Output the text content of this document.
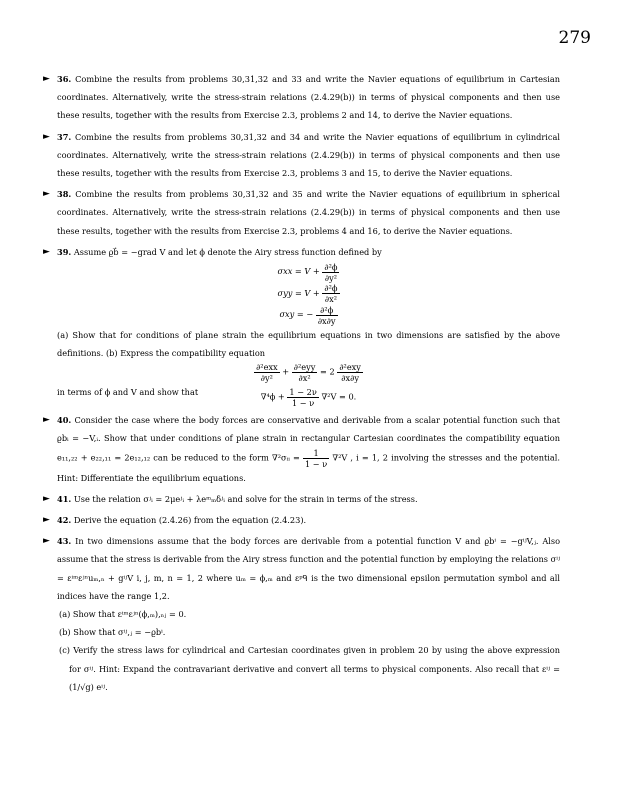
279
► 36. Combine the results from problems 30,31,32 and 33 and write the Navier equations of equilibrium in Cartesian coordinates. Alternatively, write the stress-strain relations (2.4.29(b)) in terms of physical components and then use these results, together with the results from Exercise 2.3, problems 2 and 14, to derive the Navier equations.

► 37. Combine the results from problems 30,31,32 and 34 and write the Navier equations of equilibrium in cylindrical coordinates. Alternatively, write the stress-strain relations (2.4.29(b)) in terms of physical components and then use these results, together with the results from Exercise 2.3, problems 3 and 15, to derive the Navier equations.

► 38. Combine the results from problems 30,31,32 and 35 and write the Navier equations of equilibrium in spherical coordinates. Alternatively, write the stress-strain relations (2.4.29(b)) in terms of physical components and then use these results, together with the results from Exercise 2.3, problems 4 and 16, to derive the Navier equations.

► 39. Assume ϱb⃗ = −grad V and let ϕ denote the Airy stress function defined by

$\sigma xx = V + \frac{\text{∂²ϕ}}{\text{∂y²}}$
$\sigma yy = V + \frac{\text{∂²ϕ}}{\text{∂x²}}$
σxy = − $\frac{\text{∂²ϕ}}{\partial x\partial y}$

(a) Show that for conditions of plane strain the equilibrium equations in two dimensions are satisfied by the above definitions. (b) Express the compatibility equation

$\frac{\text{∂²exx}}{\text{∂y²}} + \frac{\text{∂²eyy}}{\text{∂x²}} = 2 \frac{\text{∂²exy}}{\partial x\partial y}$

in terms of ϕ and V and show that	$\nabla^4\phi + \frac{1 - 2\nu}{1 - \nu} \nabla^2V = 0$.
► 40. Consider the case where the body forces are conservative and derivable from a scalar potential function such that ϱbᵢ = −V,ᵢ. Show that under conditions of plane strain in rectangular Cartesian coordinates the compatibility equation e₁₁,₂₂ + e₂₂,₁₁ = 2e₁₂,₁₂ can be reduced to the form ∇²σᵢᵢ = $\frac{1}{1 - \nu} \nabla^2V$ , i = 1, 2 involving the stresses and the potential. Hint: Differentiate the equilibrium equations.

► 41. Use the relation σʲᵢ = 2μeʲᵢ + λeᵐₘδʲᵢ and solve for the strain in terms of the stress.

► 42. Derive the equation (2.4.26) from the equation (2.4.23).

► 43. In two dimensions assume that the body forces are derivable from a potential function V and ϱbⁱ = −gⁱʲV,ⱼ. Also assume that the stress is derivable from the Airy stress function and the potential function by employing the relations σⁱʲ = εⁱᵐεʲⁿuₘ,ₙ + gⁱʲV i, j, m, n = 1, 2 where uₘ = ϕ,ₘ and εᵖᑫ is the two dimensional epsilon permutation symbol and all indices have the range 1,2.

(a) Show that εⁱᵐεʲⁿ(ϕ,ₘ),ₙⱼ = 0.

(b) Show that σⁱʲ,ⱼ = −ϱbⁱ.

(c) Verify the stress laws for cylindrical and Cartesian coordinates given in problem 20 by using the above expression for σⁱʲ. Hint: Expand the contravariant derivative and convert all terms to physical components. Also recall that εⁱʲ = (1/√g) eⁱʲ.
